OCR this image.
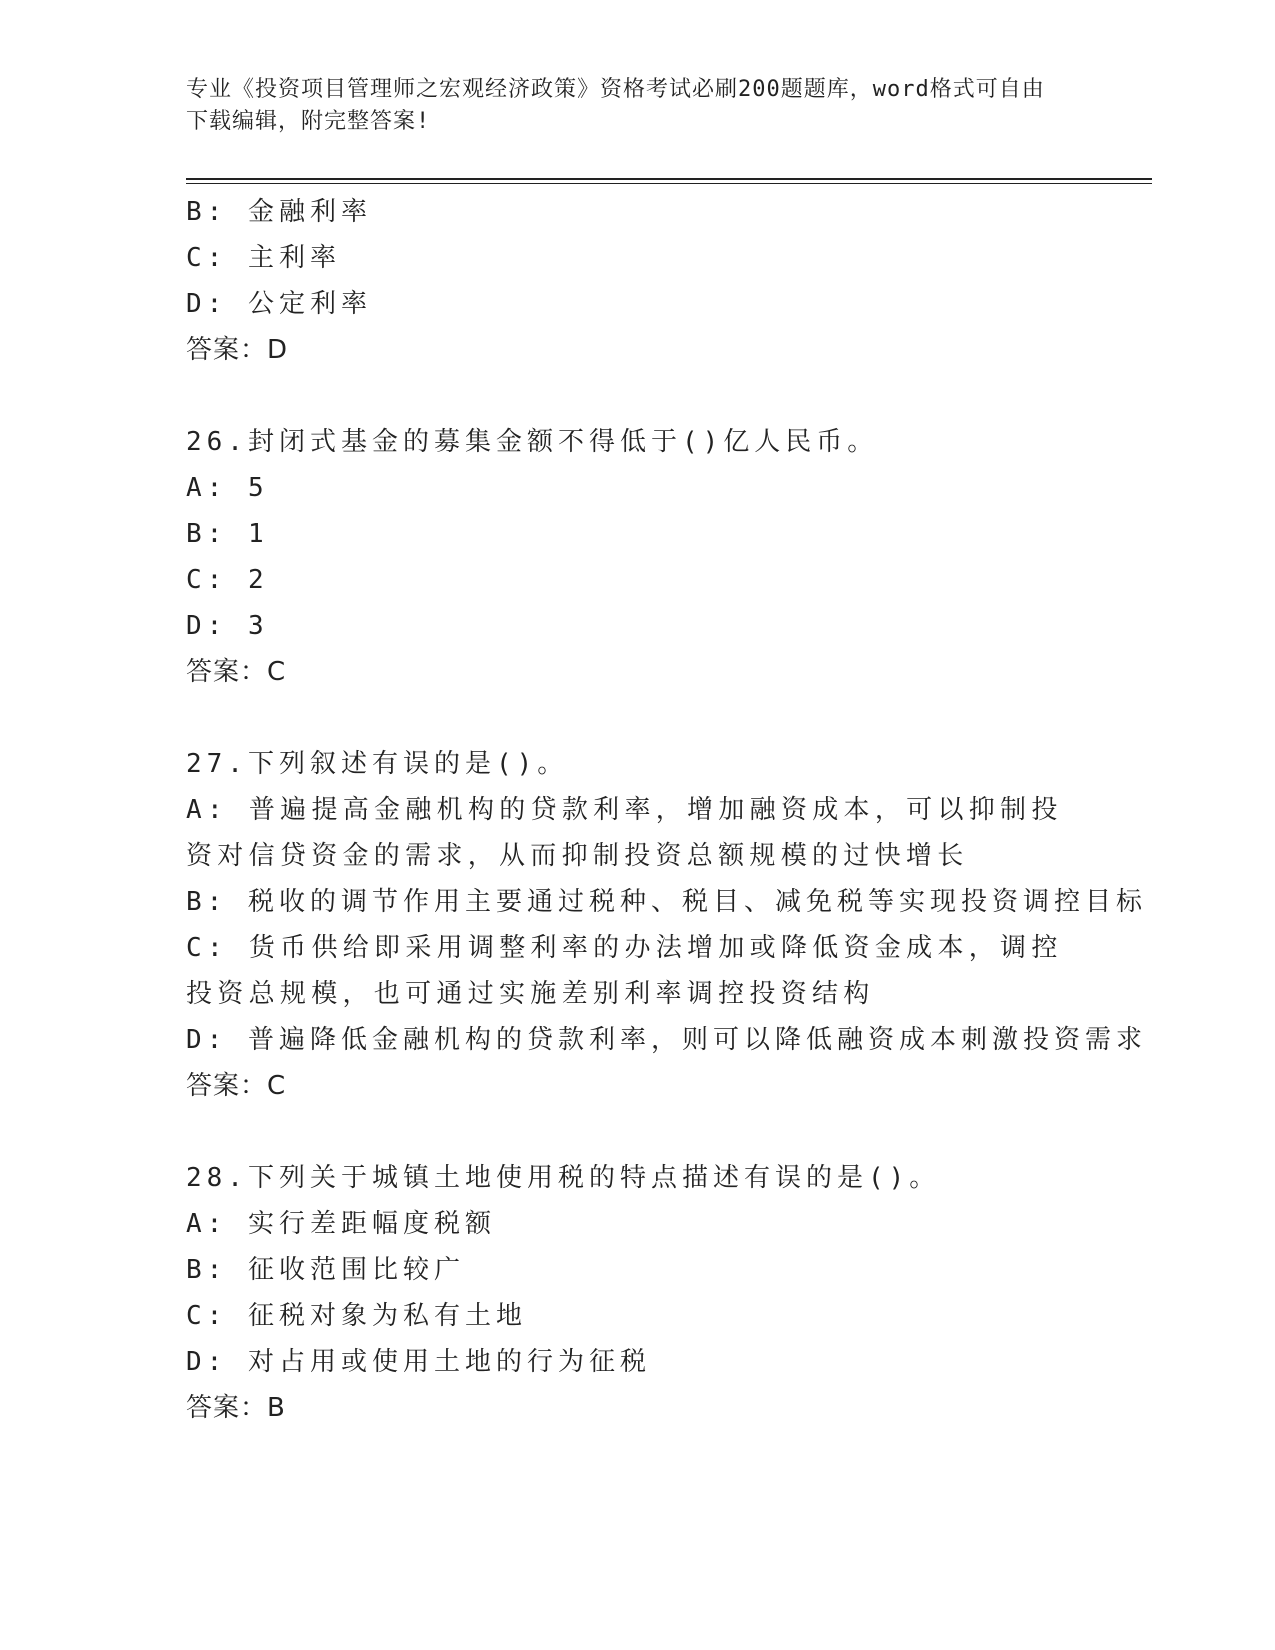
专业《投资项目管理师之宏观经济政策》资格考试必刷200题题库，word格式可自由下载编辑，附完整答案!
B: 金融利率
C: 主利率
D: 公定利率
答案：D
26.封闭式基金的募集金额不得低于()亿人民币。
A: 5
B: 1
C: 2
D: 3
答案：C
27.下列叙述有误的是()。
A: 普遍提高金融机构的贷款利率，增加融资成本，可以抑制投资对信贷资金的需求，从而抑制投资总额规模的过快增长
B: 税收的调节作用主要通过税种、税目、减免税等实现投资调控目标
C: 货币供给即采用调整利率的办法增加或降低资金成本，调控投资总规模，也可通过实施差别利率调控投资结构
D: 普遍降低金融机构的贷款利率，则可以降低融资成本刺激投资需求
答案：C
28.下列关于城镇土地使用税的特点描述有误的是()。
A: 实行差距幅度税额
B: 征收范围比较广
C: 征税对象为私有土地
D: 对占用或使用土地的行为征税
答案：B
